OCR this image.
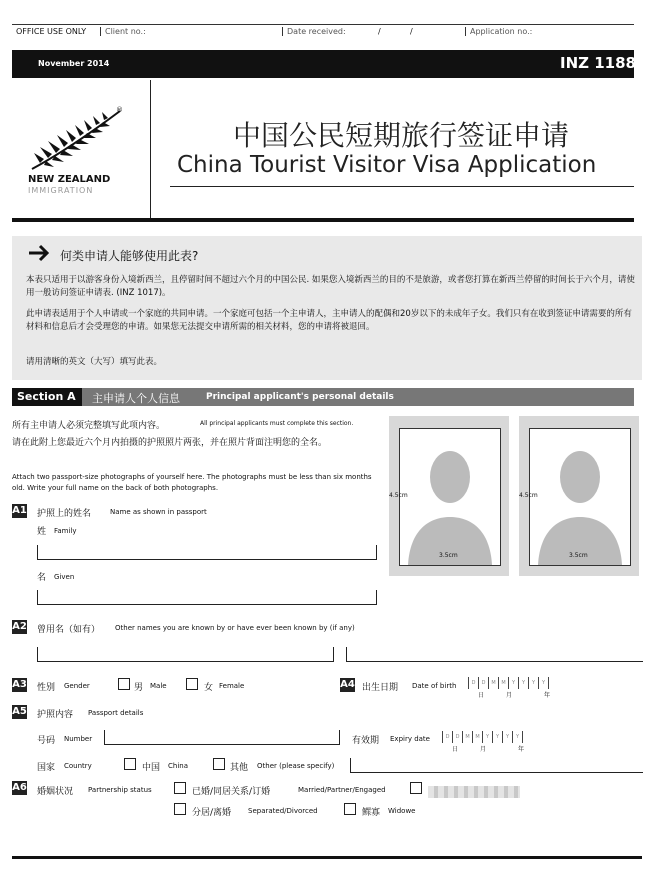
OFFICE USE ONLY	Client no.:	Date received:	/	/	Application no.:
November 2014	INZ 1188
®
NEW ZEALAND
IMMIGRATION
中国公民短期旅行签证申请
China Tourist Visitor Visa Application
何类申请人能够使用此表?
本表只适用于以游客身份入境新西兰，且停留时间不超过六个月的中国公民. 如果您入境新西兰的目的不是旅游，或者您打算在新西兰停留的时间长于六个月，请使用一般访问签证申请表. (INZ 1017)。
此申请表适用于个人申请或一个家庭的共同申请。一个家庭可包括一个主申请人，主申请人的配偶和20岁以下的未成年子女。我们只有在收到签证申请需要的所有材料和信息后才会受理您的申请。如果您无法提交申请所需的相关材料，您的申请将被退回。
请用清晰的英文（大写）填写此表。
Section A 主申请人个人信息	Principal applicant's personal details
所有主申请人必须完整填写此项内容。	All principal applicants must complete this section.
请在此附上您最近六个月内拍摄的护照照片两张，并在照片背面注明您的全名。
Attach two passport-size photographs of yourself here. The photographs must be less than six months old. Write your full name on the back of both photographs.
4.5cm
3.5cm
4.5cm
3.5cm
A1 护照上的姓名	Name as shown in passport
姓 Family
名 Given
A2 曾用名（如有） Other names you are known by or have ever been known by (if any)
A3 性别 Gender	男 Male	女 Female	A4 出生日期 Date of birth	D	D	M	M	Y	Y	Y	Y
日	月	年
A5 护照内容 Passport details
号码 Number	有效期 Expiry date	D	D	M	M	Y	Y	Y	Y
日	月	年
国家 Country	中国 China	其他 Other (please specify)
A6 婚姻状况 Partnership status	已婚/同居关系/订婚	Married/Partner/Engaged
分居/离婚 Separated/Divorced	鳏寡 Widowe
